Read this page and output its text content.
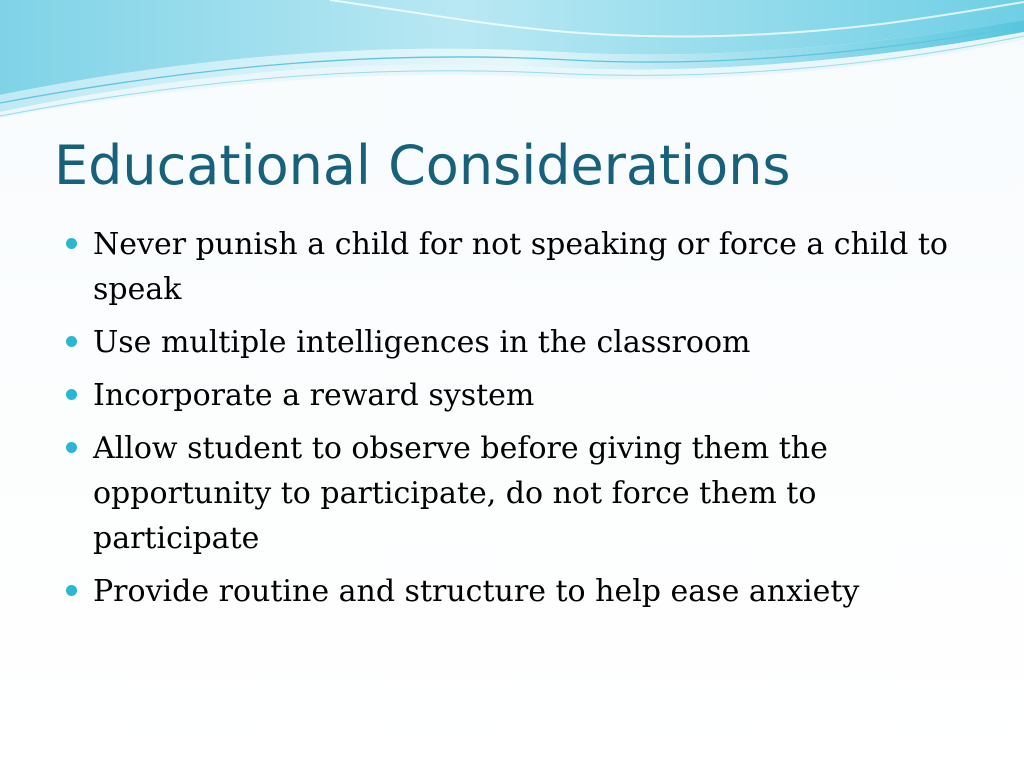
Educational Considerations
Never punish a child for not speaking or force a child to speak
Use multiple intelligences in the classroom
Incorporate a reward system
Allow student to observe before giving them the opportunity to participate, do not force them to participate
Provide routine and structure to help ease anxiety
